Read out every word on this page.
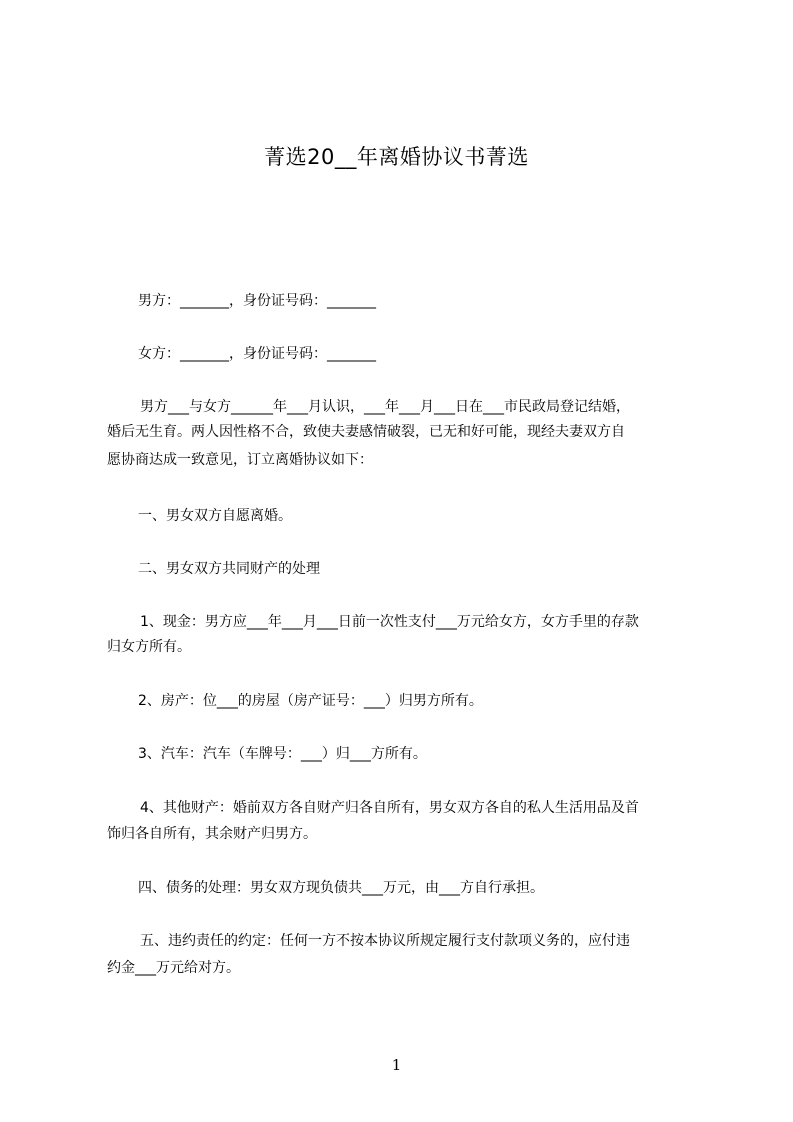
菁选20__年离婚协议书菁选
男方：_______，身份证号码：_______
女方：_______，身份证号码：_______
男方___与女方______年___月认识，___年___月___日在___市民政局登记结婚，
婚后无生育。两人因性格不合，致使夫妻感情破裂，已无和好可能，现经夫妻双方自
愿协商达成一致意见，订立离婚协议如下：
一、男女双方自愿离婚。
二、男女双方共同财产的处理
1、现金：男方应___年___月___日前一次性支付___万元给女方，女方手里的存款
归女方所有。
2、房产：位___的房屋（房产证号：___）归男方所有。
3、汽车：汽车（车牌号：___）归___方所有。
4、其他财产：婚前双方各自财产归各自所有，男女双方各自的私人生活用品及首
饰归各自所有，其余财产归男方。
四、债务的处理：男女双方现负债共___万元，由___方自行承担。
五、违约责任的约定：任何一方不按本协议所规定履行支付款项义务的，应付违
约金___万元给对方。
1
